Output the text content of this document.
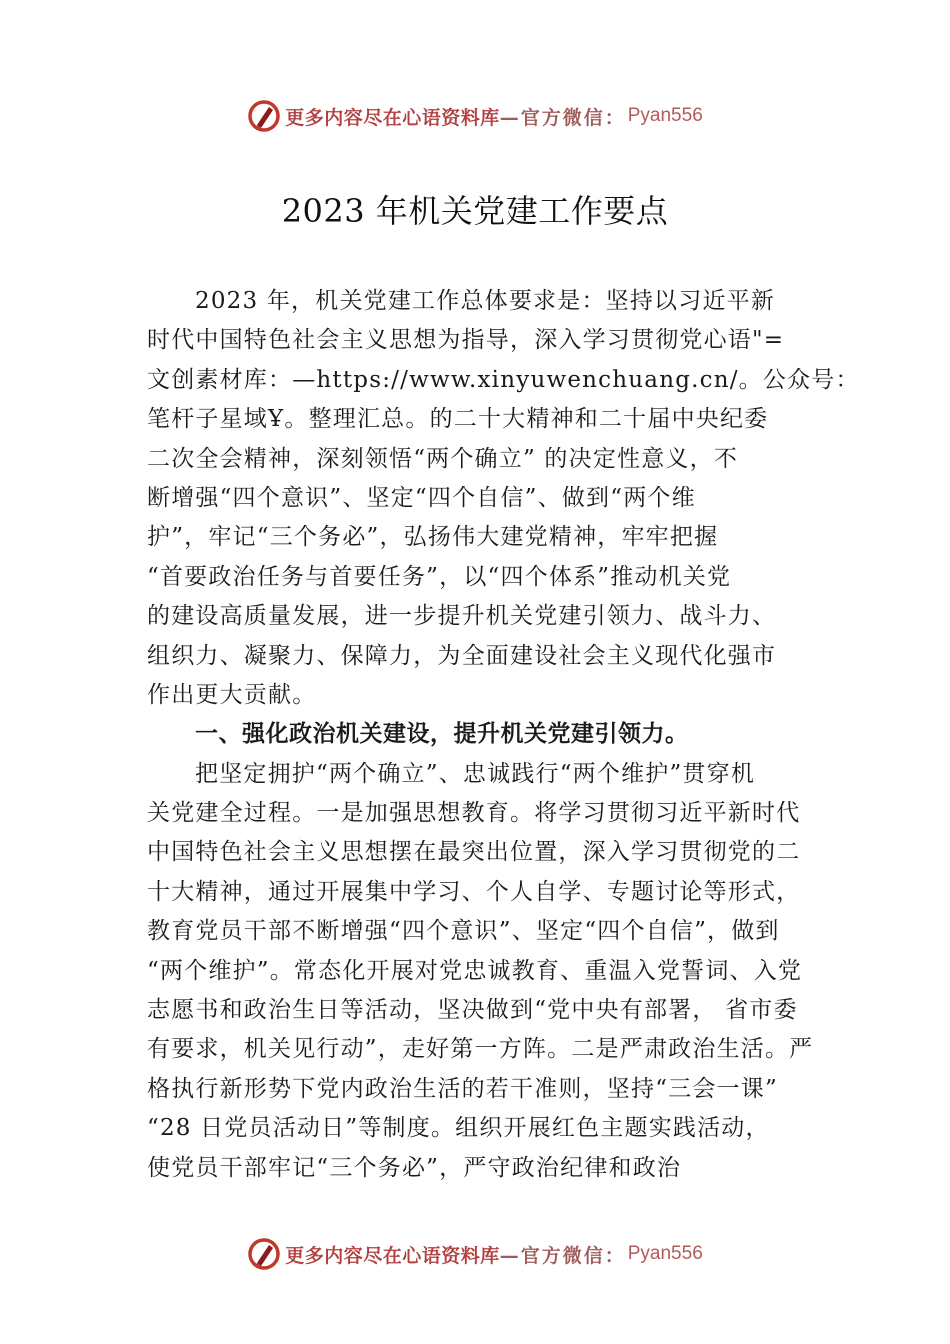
更多内容尽在心语资料库 —官方微信： Pyan556
2023 年机关党建工作要点
2023 年，机关党建工作总体要求是：坚持以习近平新
时代中国特色社会主义思想为指导，深入学习贯彻党心语"=
文创素材库：—https://www.xinyuwenchuang.cn/。公众号：
笔杆子星域Ұ。整理汇总。的二十大精神和二十届中央纪委
二次全会精神，深刻领悟“两个确立” 的决定性意义，不
断增强“四个意识”、坚定“四个自信”、做到“两个维
护”，牢记“三个务必”，弘扬伟大建党精神，牢牢把握
“首要政治任务与首要任务”，以“四个体系”推动机关党
的建设高质量发展，进一步提升机关党建引领力、战斗力、
组织力、凝聚力、保障力，为全面建设社会主义现代化强市
作出更大贡献。
一、强化政治机关建设，提升机关党建引领力。
把坚定拥护“两个确立”、忠诚践行“两个维护”贯穿机
关党建全过程。一是加强思想教育。将学习贯彻习近平新时代
中国特色社会主义思想摆在最突出位置，深入学习贯彻党的二
十大精神，通过开展集中学习、个人自学、专题讨论等形式，
教育党员干部不断增强“四个意识”、坚定“四个自信”，做到
“两个维护”。常态化开展对党忠诚教育、重温入党誓词、入党
志愿书和政治生日等活动，坚决做到“党中央有部署， 省市委
有要求，机关见行动”，走好第一方阵。二是严肃政治生活。严
格执行新形势下党内政治生活的若干准则，坚持“三会一课”
“28 日党员活动日”等制度。组织开展红色主题实践活动，
使党员干部牢记“三个务必”，严守政治纪律和政治
更多内容尽在心语资料库 —官方微信： Pyan556
